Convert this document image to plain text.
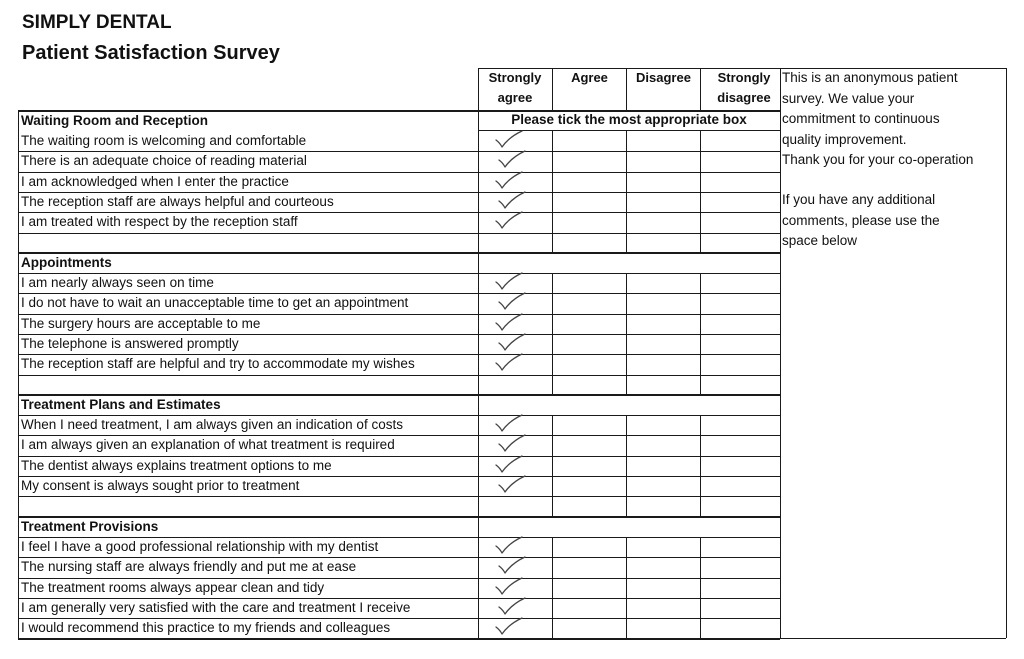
SIMPLY DENTAL
Patient Satisfaction Survey
Strongly
agree
Agree	Disagree	Strongly
disagree
Please tick the most appropriate box
This is an anonymous patient
survey. We value your
commitment to continuous
quality improvement.
Thank you for your co-operation
If you have any additional
comments, please use the
space below
Waiting Room and Reception
The waiting room is welcoming and comfortable
There is an adequate choice of reading material
I am acknowledged when I enter the practice
The reception staff are always helpful and courteous
I am treated with respect by the reception staff
Appointments
I am nearly always seen on time
I do not have to wait an unacceptable time to get an appointment
The surgery hours are acceptable to me
The telephone is answered promptly
The reception staff are helpful and try to accommodate my wishes
Treatment Plans and Estimates
When I need treatment, I am always given an indication of costs
I am always given an explanation of what treatment is required
The dentist always explains treatment options to me
My consent is always sought prior to treatment
Treatment Provisions
I feel I have a good professional relationship with my dentist
The nursing staff are always friendly and put me at ease
The treatment rooms always appear clean and tidy
I am generally very satisfied with the care and treatment I receive
I would recommend this practice to my friends and colleagues
